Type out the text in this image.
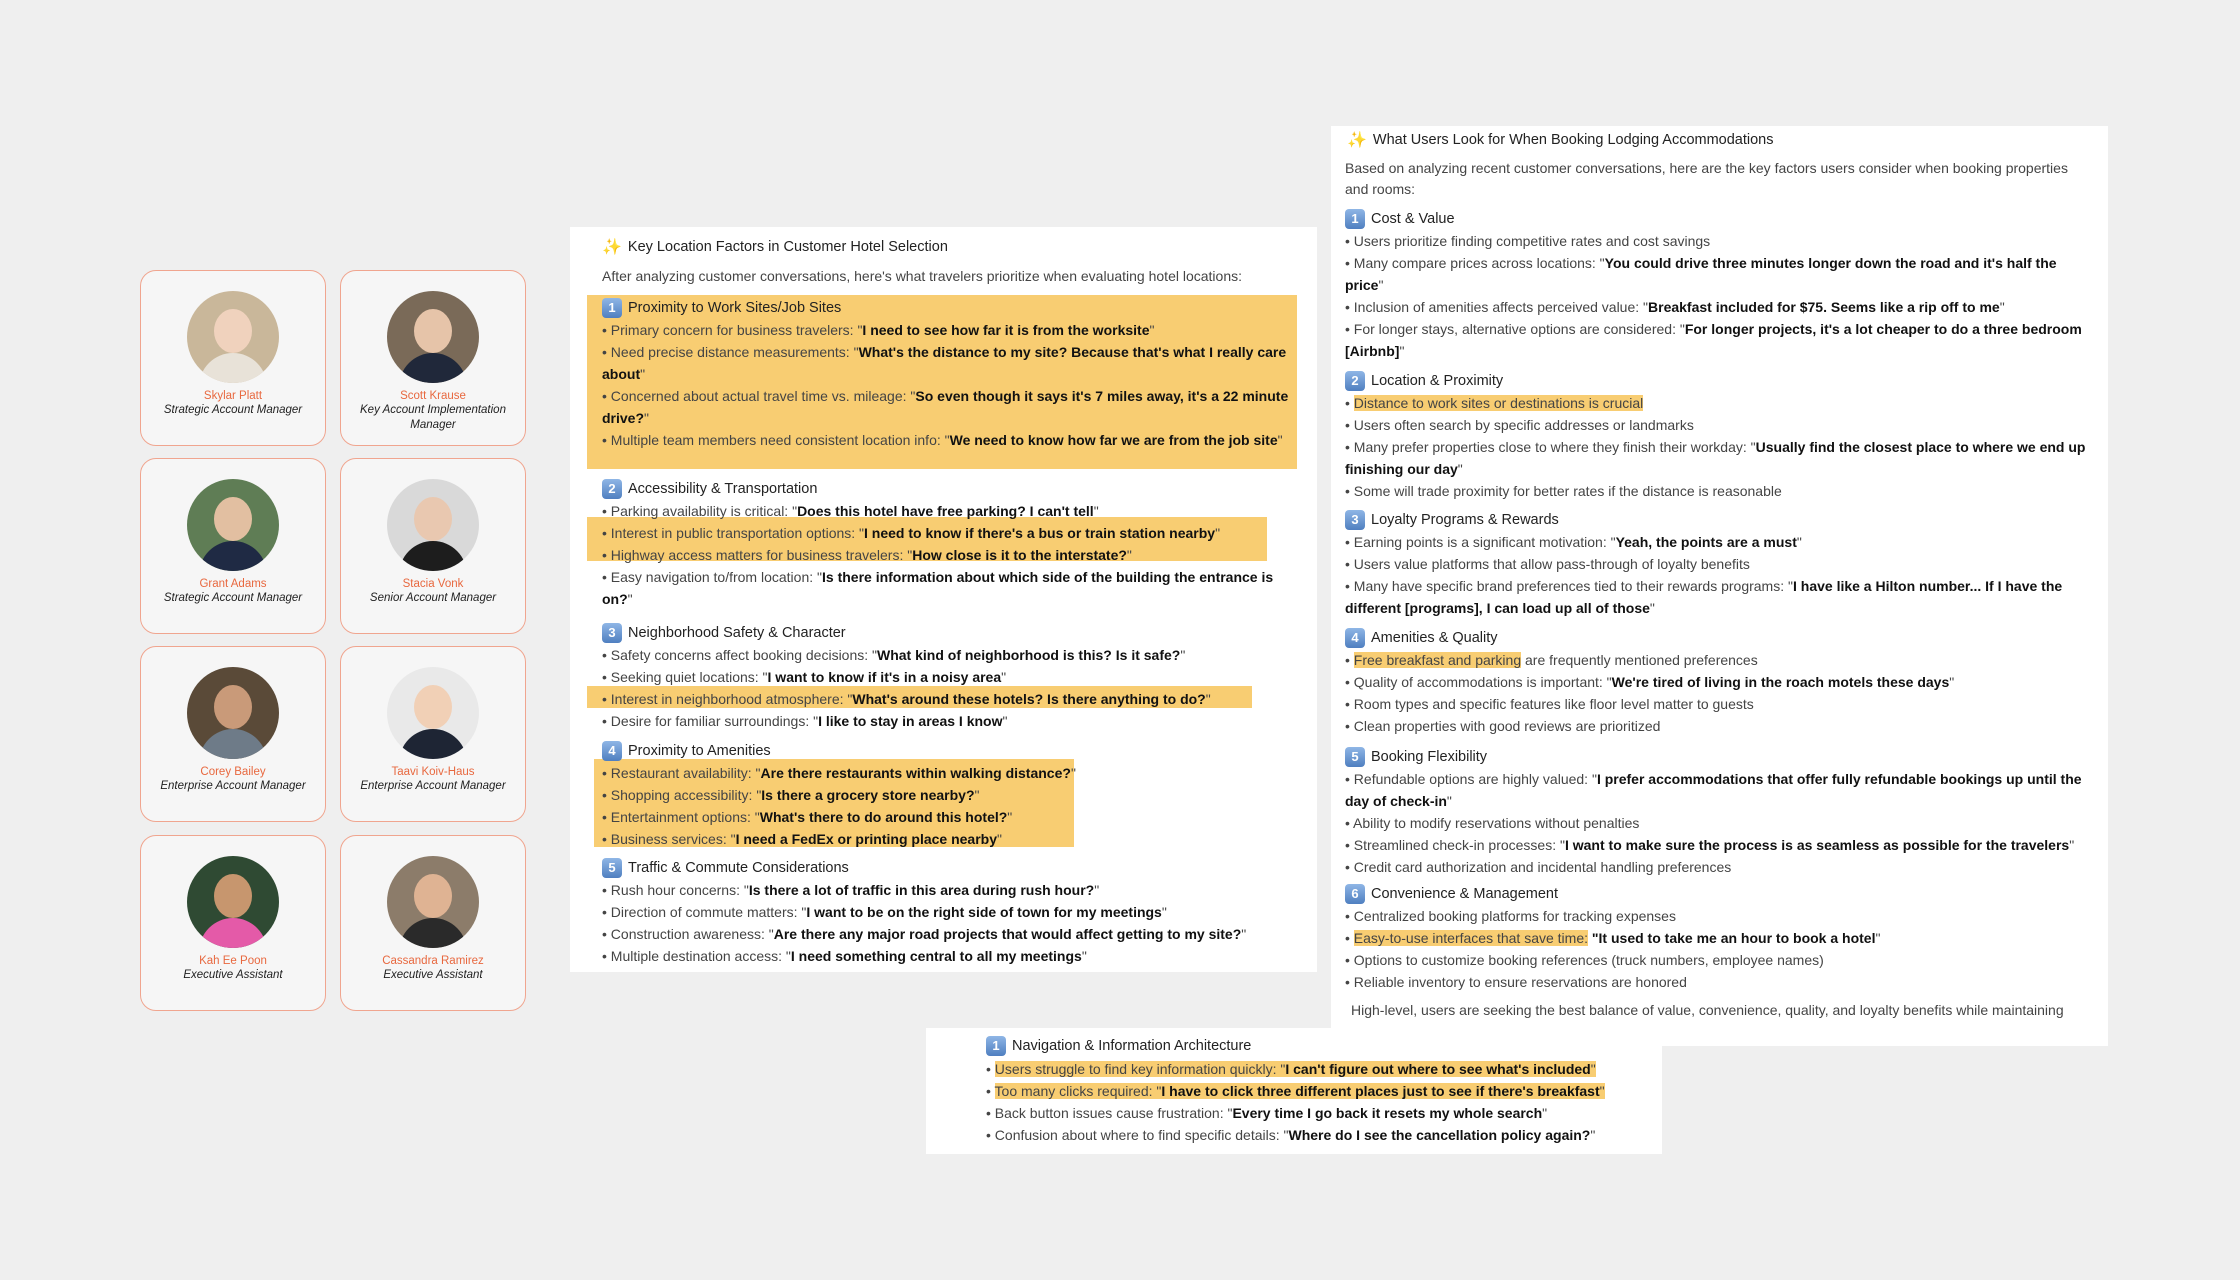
Skylar Platt
Strategic Account Manager
Scott Krause
Key Account Implementation Manager
Grant Adams
Strategic Account Manager
Stacia Vonk
Senior Account Manager
Corey Bailey
Enterprise Account Manager
Taavi Koiv-Haus
Enterprise Account Manager
Kah Ee Poon
Executive Assistant
Cassandra Ramirez
Executive Assistant
✨ Key Location Factors in Customer Hotel Selection
After analyzing customer conversations, here's what travelers prioritize when evaluating hotel locations:
1 Proximity to Work Sites/Job Sites
• Primary concern for business travelers: "I need to see how far it is from the worksite"
• Need precise distance measurements: "What's the distance to my site? Because that's what I really care about"
• Concerned about actual travel time vs. mileage: "So even though it says it's 7 miles away, it's a 22 minute drive?"
• Multiple team members need consistent location info: "We need to know how far we are from the job site"
2 Accessibility & Transportation
• Parking availability is critical: "Does this hotel have free parking? I can't tell"
• Interest in public transportation options: "I need to know if there's a bus or train station nearby"
• Highway access matters for business travelers: "How close is it to the interstate?"
• Easy navigation to/from location: "Is there information about which side of the building the entrance is on?"
3 Neighborhood Safety & Character
• Safety concerns affect booking decisions: "What kind of neighborhood is this? Is it safe?"
• Seeking quiet locations: "I want to know if it's in a noisy area"
• Interest in neighborhood atmosphere: "What's around these hotels? Is there anything to do?"
• Desire for familiar surroundings: "I like to stay in areas I know"
4 Proximity to Amenities
• Restaurant availability: "Are there restaurants within walking distance?"
• Shopping accessibility: "Is there a grocery store nearby?"
• Entertainment options: "What's there to do around this hotel?"
• Business services: "I need a FedEx or printing place nearby"
5 Traffic & Commute Considerations
• Rush hour concerns: "Is there a lot of traffic in this area during rush hour?"
• Direction of commute matters: "I want to be on the right side of town for my meetings"
• Construction awareness: "Are there any major road projects that would affect getting to my site?"
• Multiple destination access: "I need something central to all my meetings"
✨ What Users Look for When Booking Lodging Accommodations
Based on analyzing recent customer conversations, here are the key factors users consider when booking properties and rooms:
1 Cost & Value
• Users prioritize finding competitive rates and cost savings
• Many compare prices across locations: "You could drive three minutes longer down the road and it's half the price"
• Inclusion of amenities affects perceived value: "Breakfast included for $75. Seems like a rip off to me"
• For longer stays, alternative options are considered: "For longer projects, it's a lot cheaper to do a three bedroom [Airbnb]"
2 Location & Proximity
• Distance to work sites or destinations is crucial
• Users often search by specific addresses or landmarks
• Many prefer properties close to where they finish their workday: "Usually find the closest place to where we end up finishing our day"
• Some will trade proximity for better rates if the distance is reasonable
3 Loyalty Programs & Rewards
• Earning points is a significant motivation: "Yeah, the points are a must"
• Users value platforms that allow pass-through of loyalty benefits
• Many have specific brand preferences tied to their rewards programs: "I have like a Hilton number... If I have the different [programs], I can load up all of those"
4 Amenities & Quality
• Free breakfast and parking are frequently mentioned preferences
• Quality of accommodations is important: "We're tired of living in the roach motels these days"
• Room types and specific features like floor level matter to guests
• Clean properties with good reviews are prioritized
5 Booking Flexibility
• Refundable options are highly valued: "I prefer accommodations that offer fully refundable bookings up until the day of check-in"
• Ability to modify reservations without penalties
• Streamlined check-in processes: "I want to make sure the process is as seamless as possible for the travelers"
• Credit card authorization and incidental handling preferences
6 Convenience & Management
• Centralized booking platforms for tracking expenses
• Easy-to-use interfaces that save time: "It used to take me an hour to book a hotel"
• Options to customize booking references (truck numbers, employee names)
• Reliable inventory to ensure reservations are honored
High-level, users are seeking the best balance of value, convenience, quality, and loyalty benefits while maintaining
1 Navigation & Information Architecture
• Users struggle to find key information quickly: "I can't figure out where to see what's included"
• Too many clicks required: "I have to click three different places just to see if there's breakfast"
• Back button issues cause frustration: "Every time I go back it resets my whole search"
• Confusion about where to find specific details: "Where do I see the cancellation policy again?"
